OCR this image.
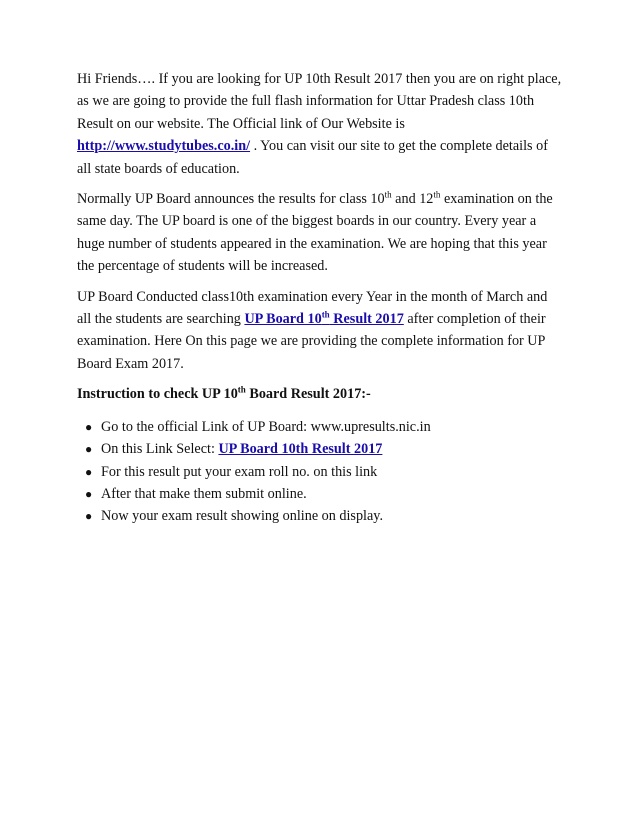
Hi Friends…. If you are looking for UP 10th Result 2017 then you are on right place, as we are going to provide the full flash information for Uttar Pradesh class 10th Result on our website. The Official link of Our Website is http://www.studytubes.co.in/ . You can visit our site to get the complete details of all state boards of education.

Normally UP Board announces the results for class 10th and 12th examination on the same day. The UP board is one of the biggest boards in our country. Every year a huge number of students appeared in the examination. We are hoping that this year the percentage of students will be increased.

UP Board Conducted class10th examination every Year in the month of March and all the students are searching UP Board 10th Result 2017 after completion of their examination. Here On this page we are providing the complete information for UP Board Exam 2017.

Instruction to check UP 10th Board Result 2017:-

● Go to the official Link of UP Board: www.upresults.nic.in
● On this Link Select: UP Board 10th Result 2017
● For this result put your exam roll no. on this link
● After that make them submit online.
● Now your exam result showing online on display.
